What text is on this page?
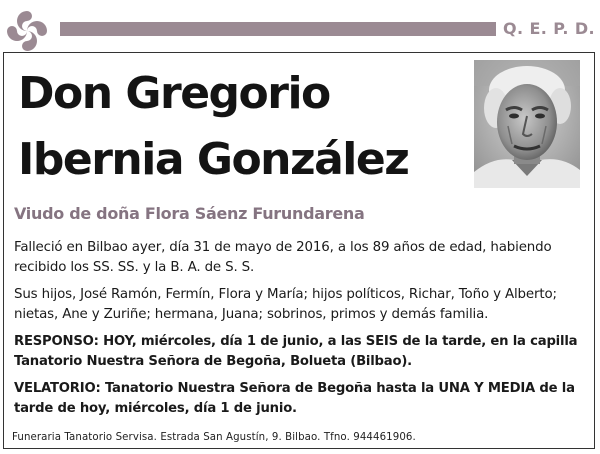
Q. E. P. D.
Don Gregorio
Ibernia González
Viudo de doña Flora Sáenz Furundarena
Falleció en Bilbao ayer, día 31 de mayo de 2016, a los 89 años de edad, habiendo recibido los SS. SS. y la B. A. de S. S.
Sus hijos, José Ramón, Fermín, Flora y María; hijos políticos, Richar, Toño y Alberto; nietas, Ane y Zuriñe; hermana, Juana; sobrinos, primos y demás familia.
RESPONSO: HOY, miércoles, día 1 de junio, a las SEIS de la tarde, en la capilla Tanatorio Nuestra Señora de Begoña, Bolueta (Bilbao).
VELATORIO: Tanatorio Nuestra Señora de Begoña hasta la UNA Y MEDIA de la tarde de hoy, miércoles, día 1 de junio.
Funeraria Tanatorio Servisa. Estrada San Agustín, 9. Bilbao. Tfno. 944461906.
